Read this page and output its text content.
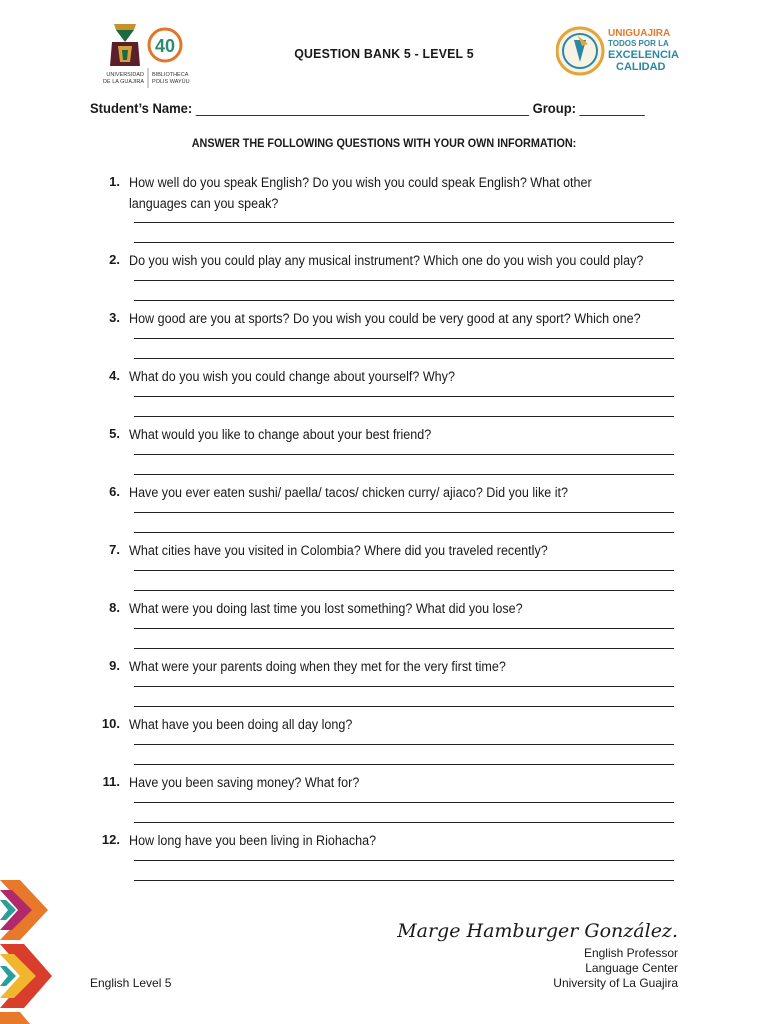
40
UNIVERSIDAD
DE LA GUAJIRA
BIBLIOTHECA
POLIS WAYÚU
QUESTION BANK 5 - LEVEL 5
UNIGUAJIRA
TODOS POR LA
EXCELENCIA
CALIDAD
Student’s Name: ______________________________________________ Group: _________
ANSWER THE FOLLOWING QUESTIONS WITH YOUR OWN INFORMATION:
1. How well do you speak English? Do you wish you could speak English? What other
languages can you speak?
2. Do you wish you could play any musical instrument? Which one do you wish you could play?
3. How good are you at sports? Do you wish you could be very good at any sport? Which one?
4. What do you wish you could change about yourself? Why?
5. What would you like to change about your best friend?
6. Have you ever eaten sushi/ paella/ tacos/ chicken curry/ ajiaco? Did you like it?
7. What cities have you visited in Colombia? Where did you traveled recently?
8. What were you doing last time you lost something? What did you lose?
9. What were your parents doing when they met for the very first time?
10. What have you been doing all day long?
11. Have you been saving money? What for?
12. How long have you been living in Riohacha?
Marge Hamburger González.
English Professor
Language Center
University of La Guajira
English Level 5
